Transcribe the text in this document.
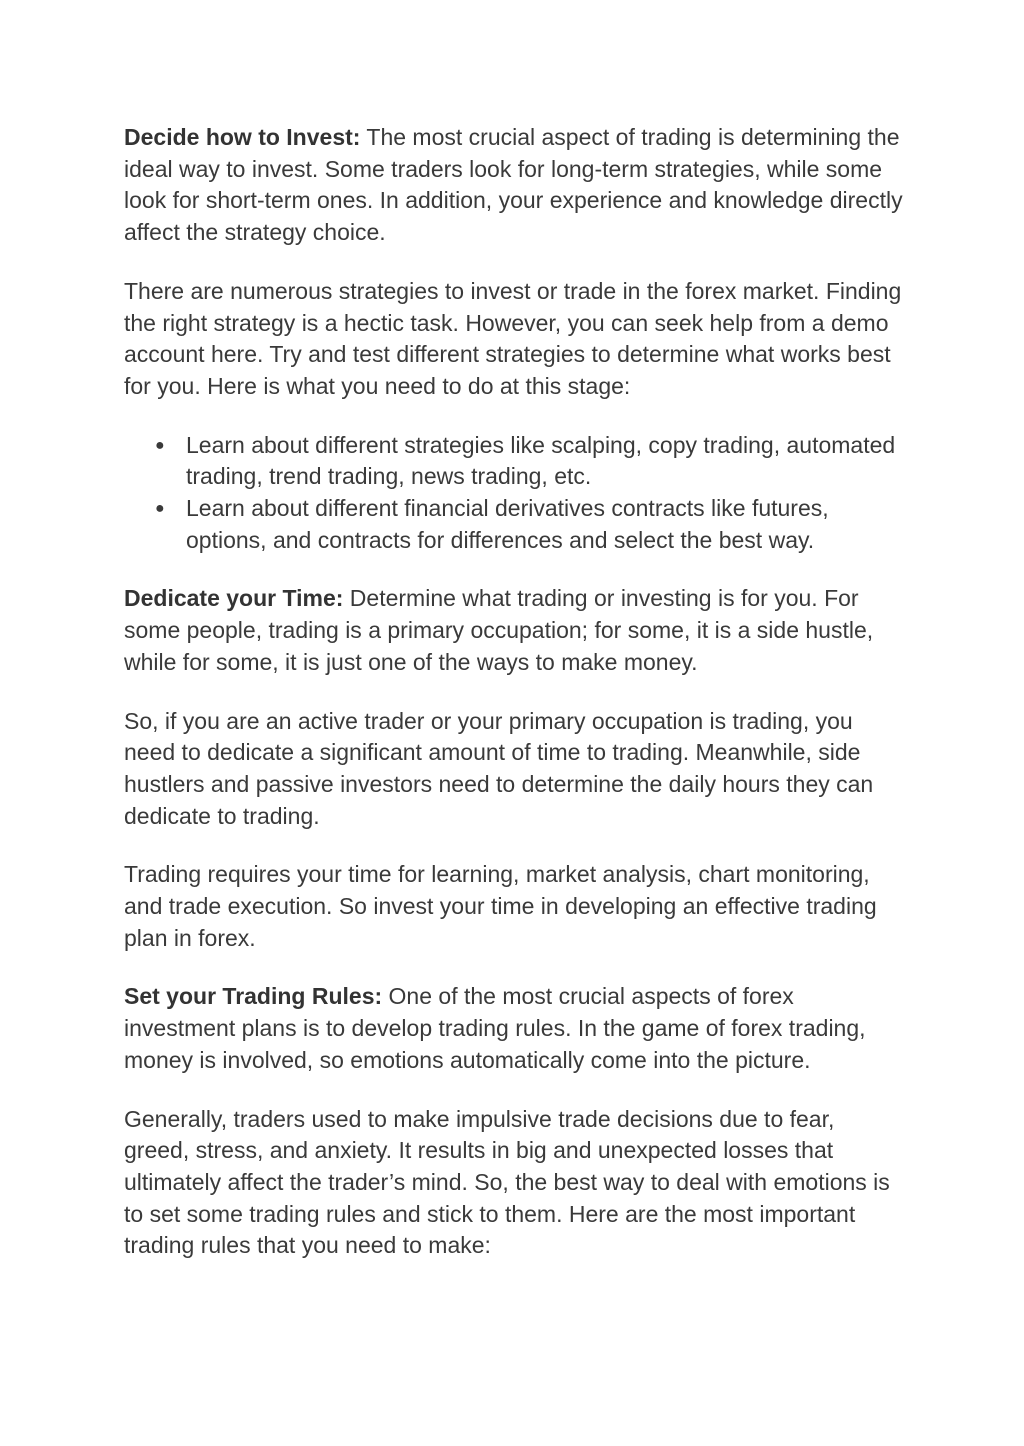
Decide how to Invest: The most crucial aspect of trading is determining the ideal way to invest. Some traders look for long-term strategies, while some look for short-term ones. In addition, your experience and knowledge directly affect the strategy choice.

There are numerous strategies to invest or trade in the forex market. Finding the right strategy is a hectic task. However, you can seek help from a demo account here. Try and test different strategies to determine what works best for you. Here is what you need to do at this stage:

● Learn about different strategies like scalping, copy trading, automated trading, trend trading, news trading, etc.
● Learn about different financial derivatives contracts like futures, options, and contracts for differences and select the best way.

Dedicate your Time: Determine what trading or investing is for you. For some people, trading is a primary occupation; for some, it is a side hustle, while for some, it is just one of the ways to make money.

So, if you are an active trader or your primary occupation is trading, you need to dedicate a significant amount of time to trading. Meanwhile, side hustlers and passive investors need to determine the daily hours they can dedicate to trading.

Trading requires your time for learning, market analysis, chart monitoring, and trade execution. So invest your time in developing an effective trading plan in forex.

Set your Trading Rules: One of the most crucial aspects of forex investment plans is to develop trading rules. In the game of forex trading, money is involved, so emotions automatically come into the picture.

Generally, traders used to make impulsive trade decisions due to fear, greed, stress, and anxiety. It results in big and unexpected losses that ultimately affect the trader’s mind. So, the best way to deal with emotions is to set some trading rules and stick to them. Here are the most important trading rules that you need to make:
